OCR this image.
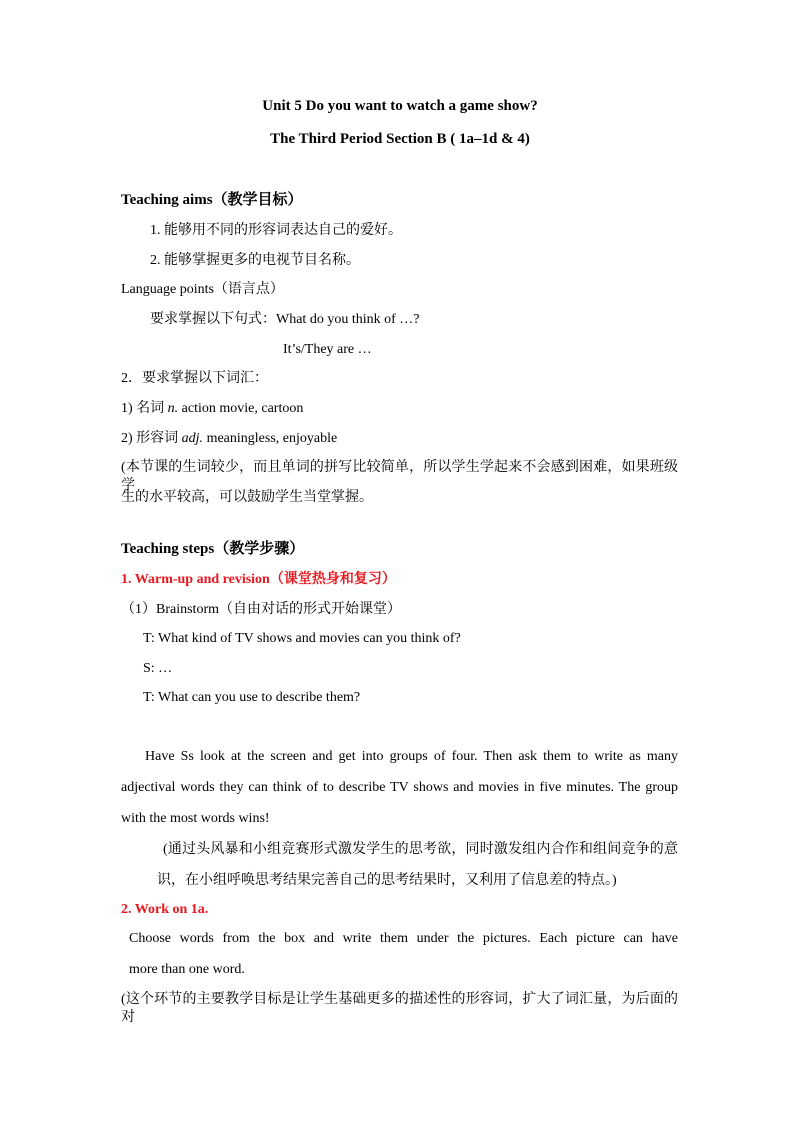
Unit 5 Do you want to watch a game show?
The Third Period Section B ( 1a–1d & 4)
Teaching aims（教学目标）
1. 能够用不同的形容词表达自己的爱好。
2. 能够掌握更多的电视节目名称。
Language points（语言点）
要求掌握以下句式：What do you think of …?
It’s/They are …
2．要求掌握以下词汇：
1) 名词 n. action movie, cartoon
2) 形容词 adj. meaningless, enjoyable
(本节课的生词较少，而且单词的拼写比较简单，所以学生学起来不会感到困难，如果班级学
生的水平较高，可以鼓励学生当堂掌握。
Teaching steps（教学步骤）
1. Warm-up and revision（课堂热身和复习）
（1）Brainstorm（自由对话的形式开始课堂）
T: What kind of TV shows and movies can you think of?
S: …
T: What can you use to describe them?
Have Ss look at the screen and get into groups of four. Then ask them to write as many
adjectival words they can think of to describe TV shows and movies in five minutes. The group
with the most words wins!
(通过头风暴和小组竞赛形式激发学生的思考欲，同时激发组内合作和组间竞争的意
识，在小组呼唤思考结果完善自己的思考结果时，又利用了信息差的特点。)
2. Work on 1a.
Choose words from the box and write them under the pictures. Each picture can have
more than one word.
(这个环节的主要教学目标是让学生基础更多的描述性的形容词，扩大了词汇量，为后面的对
